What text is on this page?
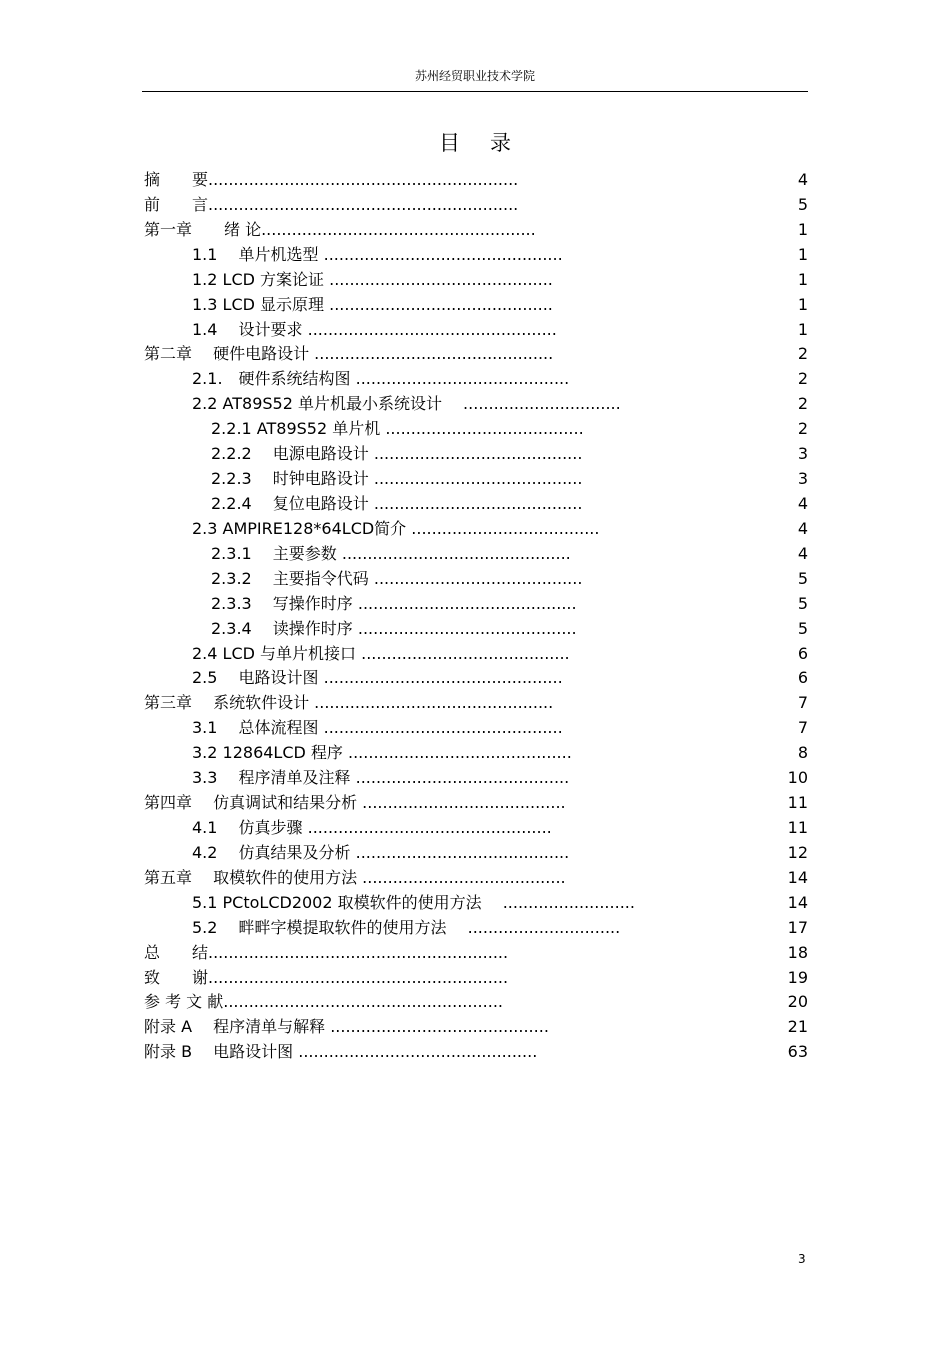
苏州经贸职业技术学院
目录
摘　　要.............................................................	4
前　　言.............................................................	5
第一章　　绪 论......................................................	1
1.1　 单片机选型 ...............................................	1
1.2 LCD 方案论证 ............................................	1
1.3 LCD 显示原理 ............................................	1
1.4　 设计要求 .................................................	1
第二章　 硬件电路设计 ...............................................	2
2.1.　硬件系统结构图 ..........................................	2
2.2 AT89S52 单片机最小系统设计 　...............................	2
2.2.1 AT89S52 单片机 .......................................	2
2.2.2　 电源电路设计 .........................................	3
2.2.3　 时钟电路设计 .........................................	3
2.2.4　 复位电路设计 .........................................	4
2.3 AMPIRE128*64LCD简介 .....................................	4
2.3.1　 主要参数 .............................................	4
2.3.2　 主要指令代码 .........................................	5
2.3.3　 写操作时序 ...........................................	5
2.3.4　 读操作时序 ...........................................	5
2.4 LCD 与单片机接口 .........................................	6
2.5　 电路设计图 ...............................................	6
第三章　 系统软件设计 ...............................................	7
3.1　 总体流程图 ...............................................	7
3.2 12864LCD 程序 ............................................	8
3.3　 程序清单及注释 ..........................................	10
第四章　 仿真调试和结果分析 ........................................	11
4.1　 仿真步骤 ................................................	11
4.2　 仿真结果及分析 ..........................................	12
第五章　 取模软件的使用方法 ........................................	14
5.1 PCtoLCD2002 取模软件的使用方法 　..........................	14
5.2　 畔畔字模提取软件的使用方法 　..............................	17
总　　结...........................................................	18
致　　谢...........................................................	19
参 考 文 献.......................................................	20
附录 A　 程序清单与解释 ...........................................	21
附录 B　 电路设计图 ...............................................	63
3
